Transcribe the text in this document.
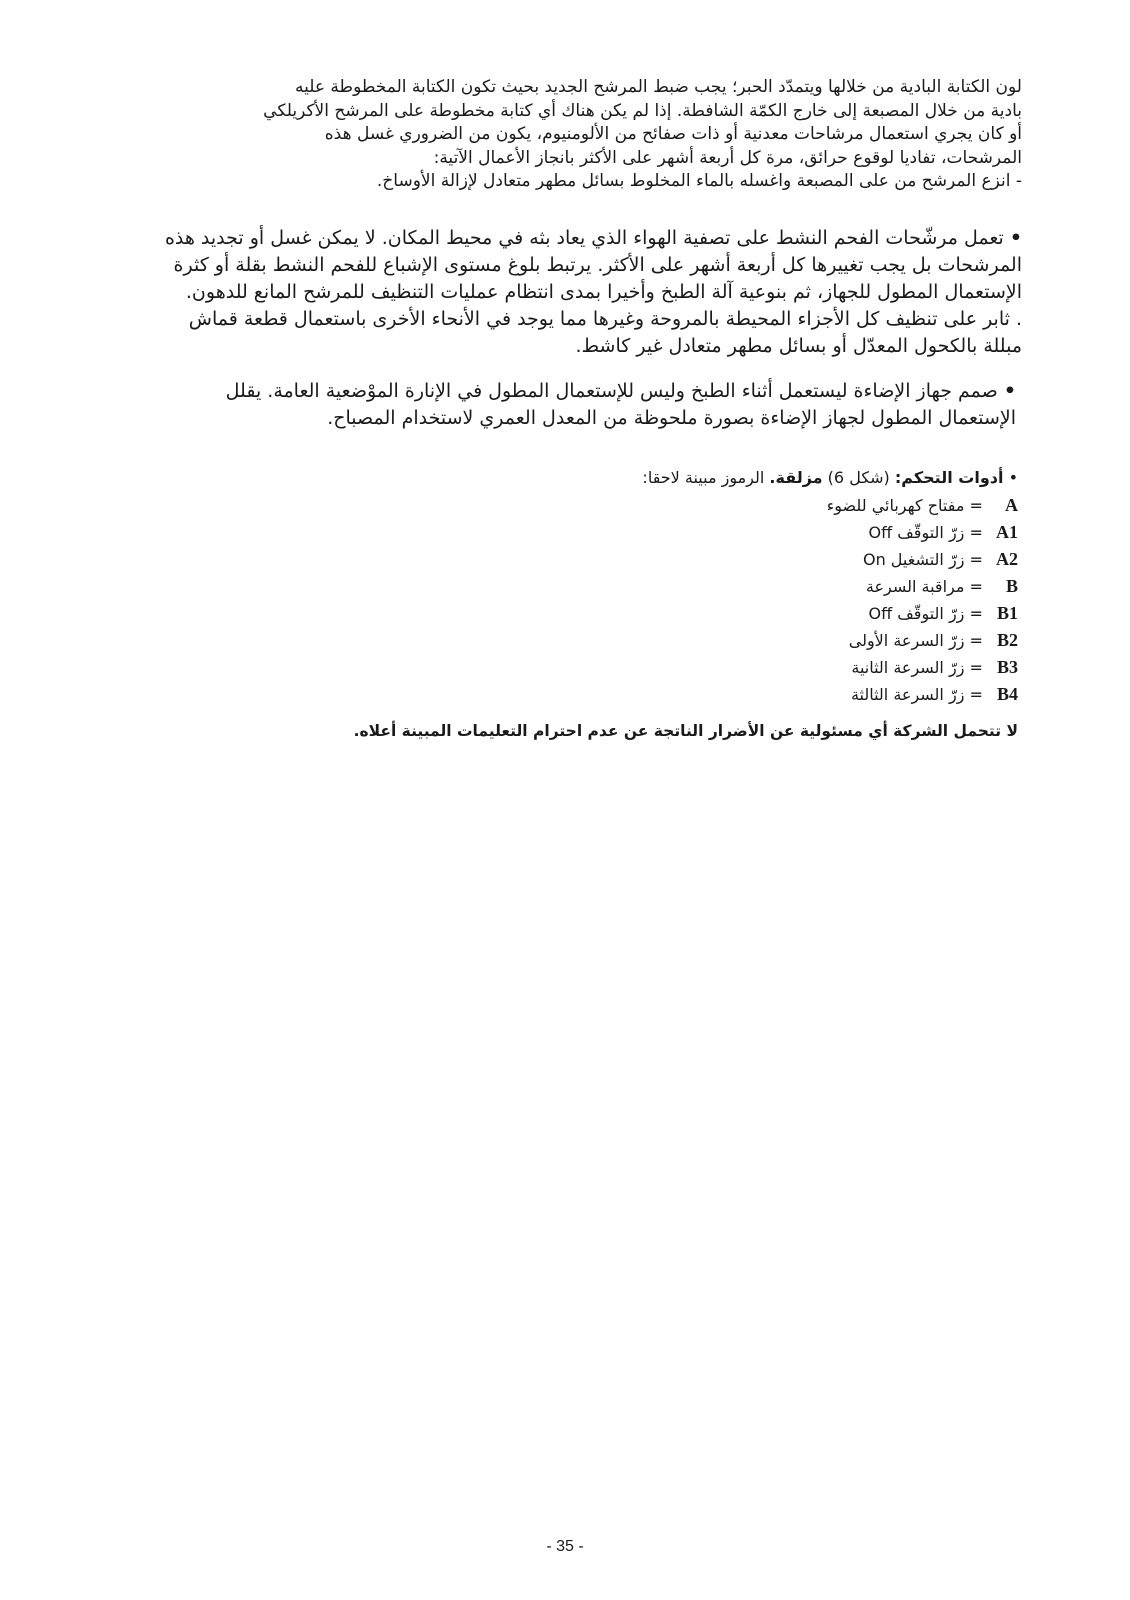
لون الكتابة البادية من خلالها ويتمدّد الحبر؛ يجب ضبط المرشح الجديد بحيث تكون الكتابة المخطوطة عليه
بادية من خلال المصبعة إلى خارج الكمّة الشافطة. إذا لم يكن هناك أي كتابة مخطوطة على المرشح الأكريلكي
أو كان يجري استعمال مرشاحات معدنية أو ذات صفائح من الألومنيوم، يكون من الضروري غسل هذه
المرشحات، تفاديا لوقوع حرائق، مرة كل أربعة أشهر على الأكثر بانجاز الأعمال الآتية:
- انزع المرشح من على المصبعة واغسله بالماء المخلوط بسائل مطهر متعادل لإزالة الأوساخ.
• تعمل مرشّحات الفحم النشط على تصفية الهواء الذي يعاد بثه في محيط المكان. لا يمكن غسل أو تجديد هذه
المرشحات بل يجب تغييرها كل أربعة أشهر على الأكثر. يرتبط بلوغ مستوى الإشباع للفحم النشط بقلة أو كثرة
الإستعمال المطول للجهاز، ثم بنوعية آلة الطبخ وأخيرا بمدى انتظام عمليات التنظيف للمرشح المانع للدهون.
. ثابر على تنظيف كل الأجزاء المحيطة بالمروحة وغيرها مما يوجد في الأنحاء الأخرى باستعمال قطعة قماش
مبللة بالكحول المعدّل أو بسائل مطهر متعادل غير كاشط.
• صمم جهاز الإضاءة ليستعمل أثناء الطبخ وليس للإستعمال المطول في الإنارة الموْضعية العامة. يقلل
الإستعمال المطول لجهاز الإضاءة بصورة ملحوظة من المعدل العمري لاستخدام المصباح.
• أدوات التحكم: (شكل 6) مزلقة. الرموز مبينة لاحقا:
A = مفتاح كهربائي للضوء
A1 = زرّ التوقّف Off
A2 = زرّ التشغيل On
B = مراقبة السرعة
B1 = زرّ التوقّف Off
B2 = زرّ السرعة الأولى
B3 = زرّ السرعة الثانية
B4 = زرّ السرعة الثالثة
لا تتحمل الشركة أي مسئولية عن الأضرار الناتجة عن عدم احترام التعليمات المبينة أعلاه.
- 35 -
